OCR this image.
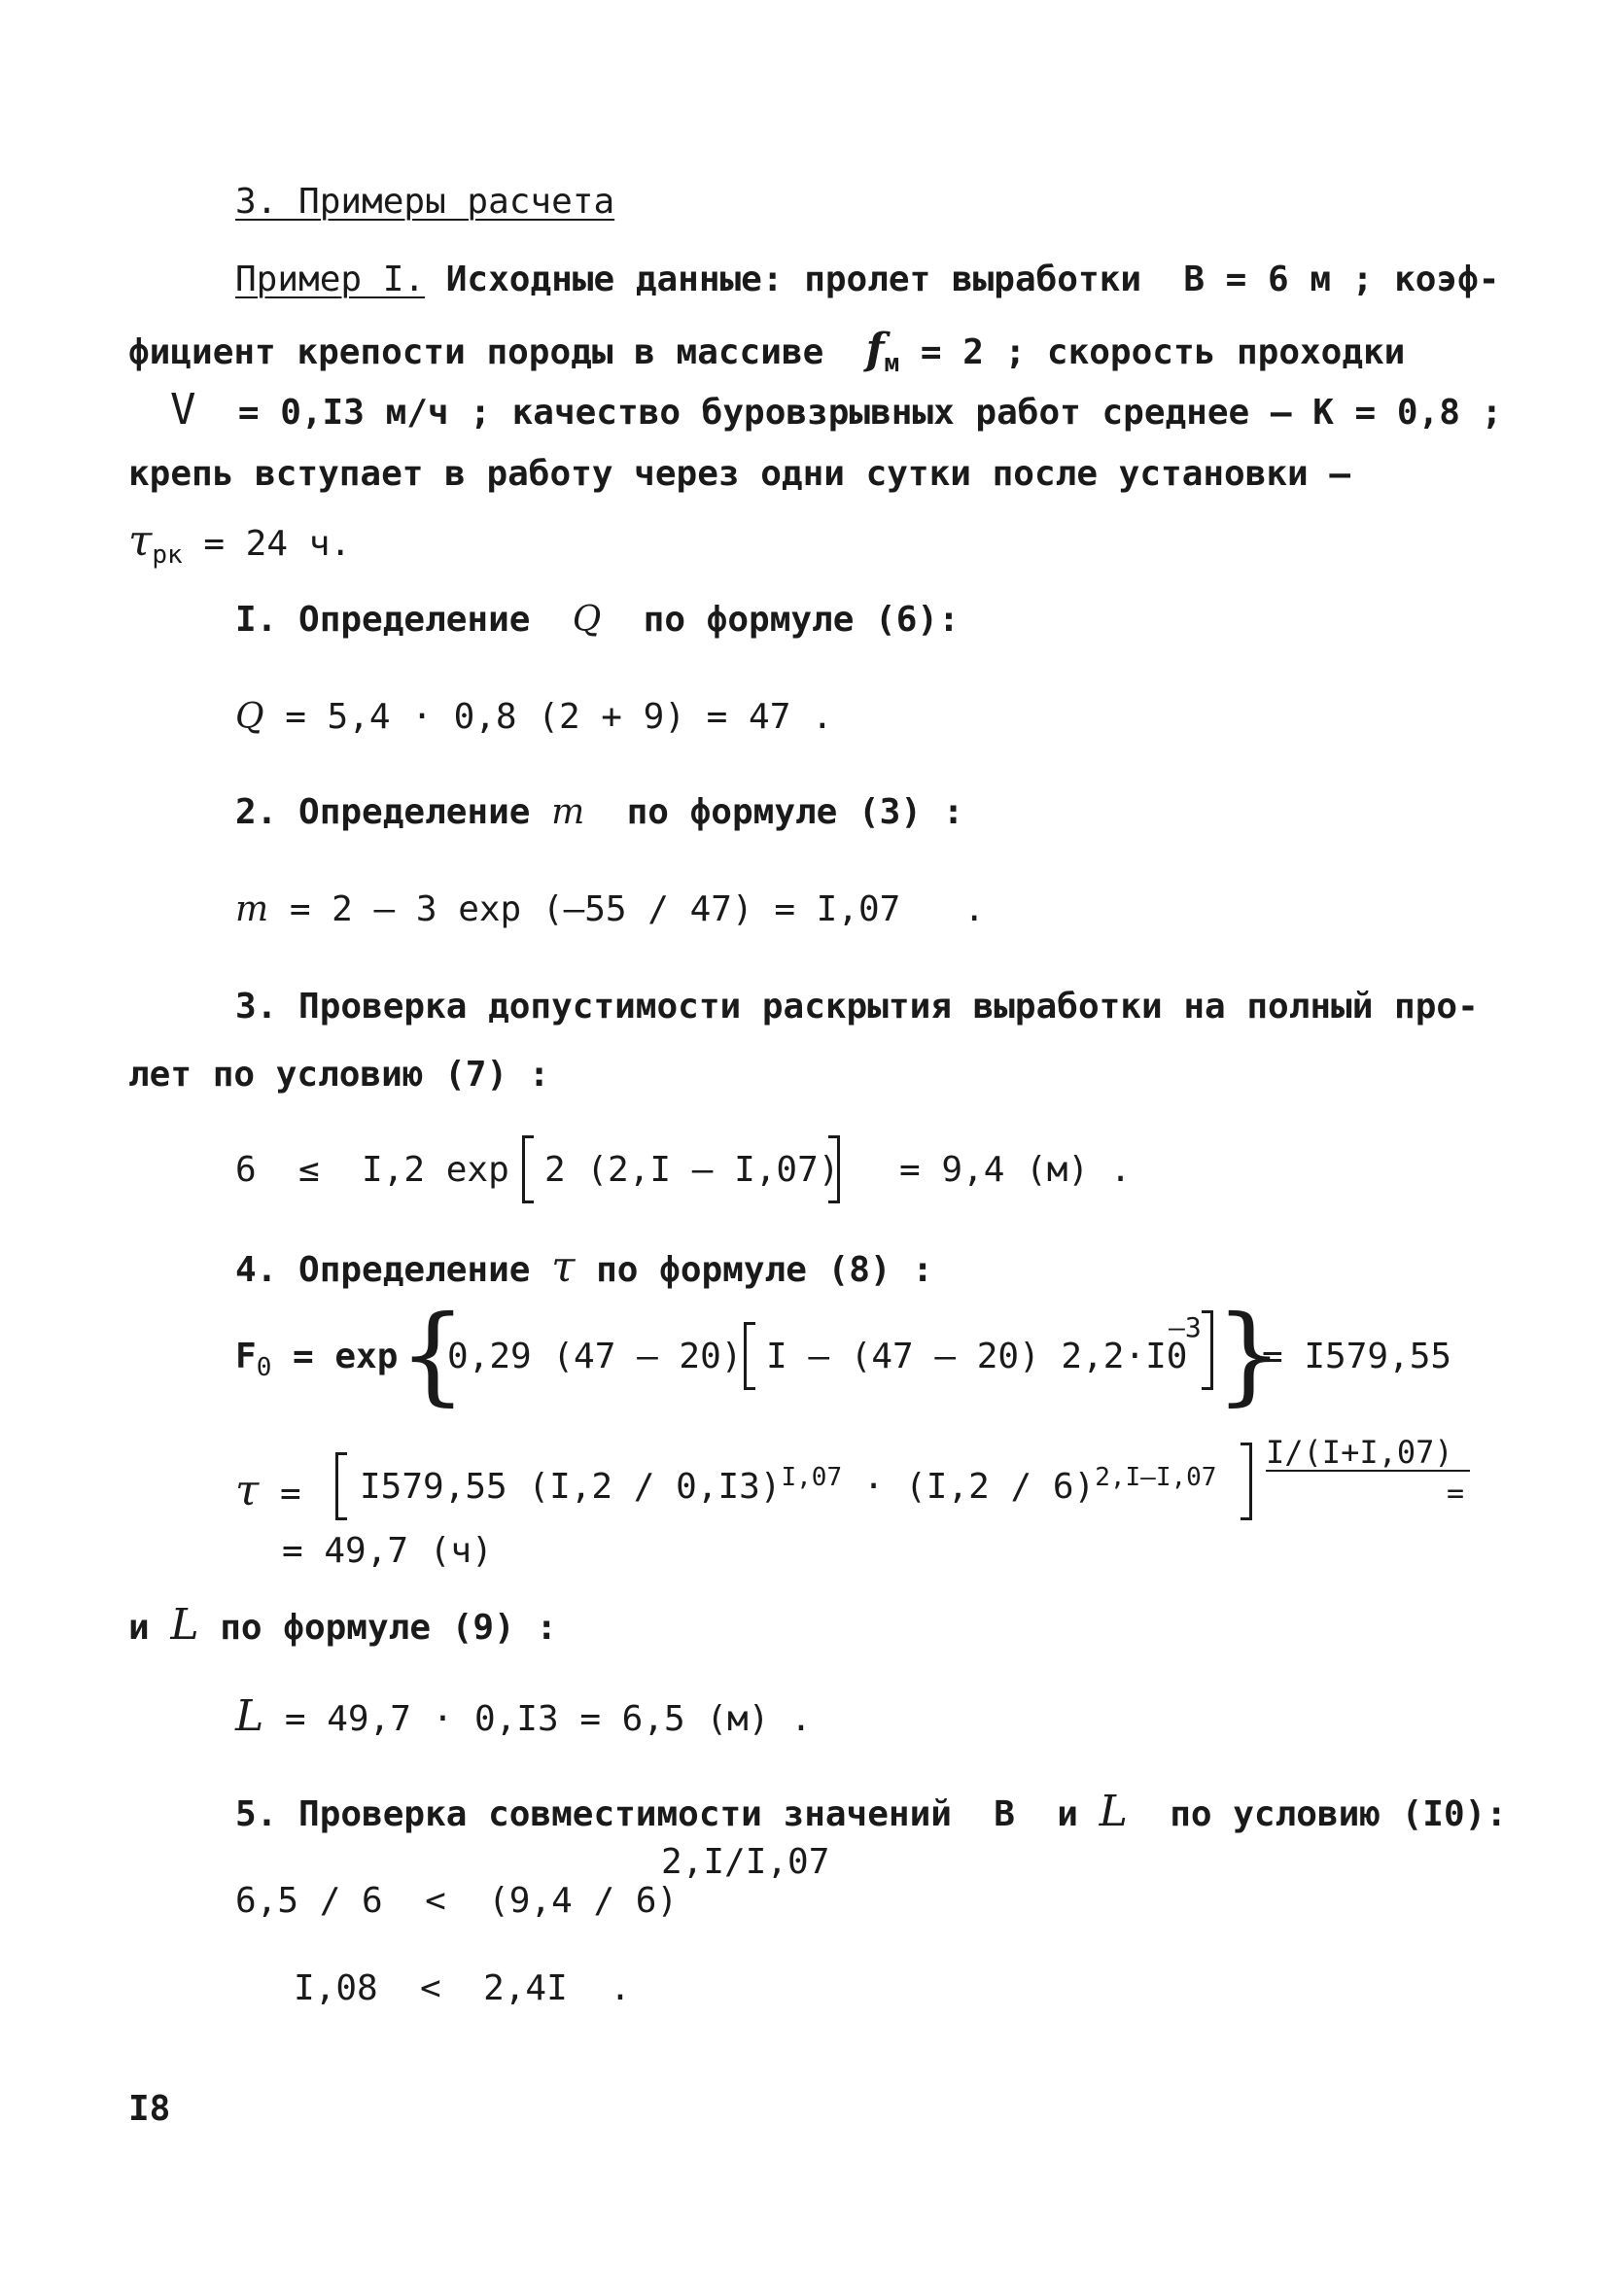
3. Примеры расчета
Пример I. Исходные данные: пролет выработки  B = 6 м ; коэф-
фициент крепости породы в массиве  $f_м = 2$ ; скорость проходки
V  = 0,I3 м/ч ; качество буровзрывных работ среднее – K = 0,8 ;
крепь вступает в работу через одни сутки после установки –
$\tau_{рк} = 24$ ч.
I. Определение  Q  по формуле (6):
Q = 5,4 · 0,8 (2 + 9) = 47 .
2. Определение m  по формуле (3) :
m = 2 – 3 exp (–55 / 47) = I,07   .
3. Проверка допустимости раскрытия выработки на полный про-
лет по условию (7) :
6  ≤  I,2 exp 2 (2,I – I,07) = 9,4 (м) .
4. Определение τ по формуле (8) :
$F_0 = \exp$ {
0,29 (47 – 20) I – (47 – 20) 2,2·I0
–3 }
= I579,55
τ = I579,55 (I,2 / 0,I3)$^{I,07}$ · (I,2 / 6)$^{2,I-I,07}$
I/(I+I,07)
=
= 49,7 (ч)
и L по формуле (9) :
L = 49,7 · 0,I3 = 6,5 (м) .
5. Проверка совместимости значений  B  и L  по условию (I0):
6,5 / 6  <  (9,4 / 6)
2,I/I,07
I,08  <  2,4I  .
I8
